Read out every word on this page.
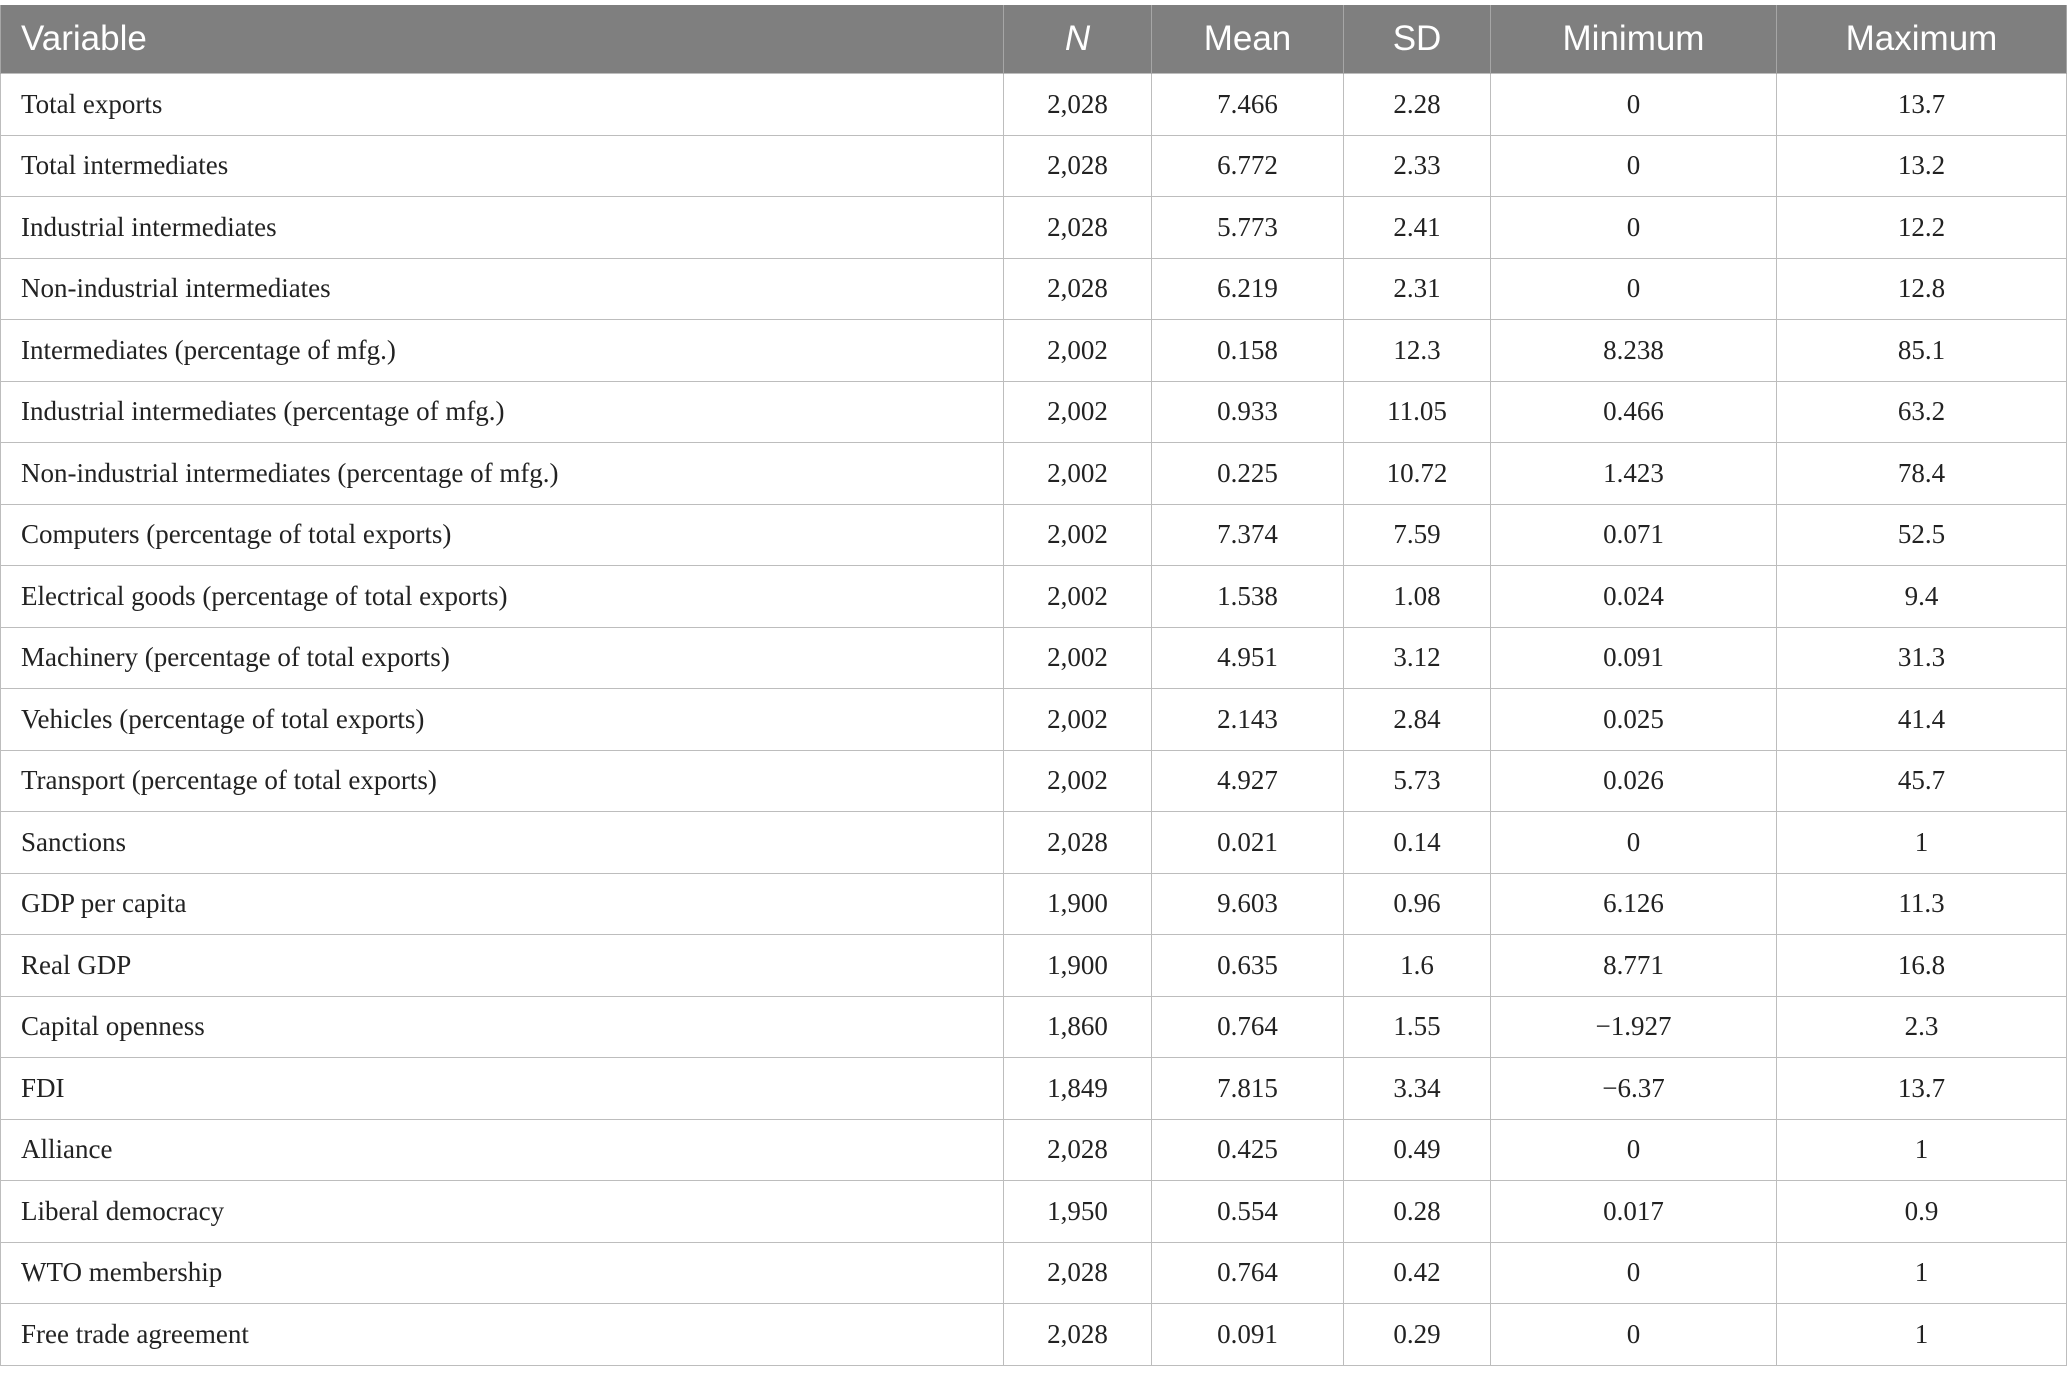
Variable	N	Mean	SD	Minimum	Maximum
Total exports	2,028	7.466	2.28	0	13.7
Total intermediates	2,028	6.772	2.33	0	13.2
Industrial intermediates	2,028	5.773	2.41	0	12.2
Non-industrial intermediates	2,028	6.219	2.31	0	12.8
Intermediates (percentage of mfg.)	2,002	0.158	12.3	8.238	85.1
Industrial intermediates (percentage of mfg.)	2,002	0.933	11.05	0.466	63.2
Non-industrial intermediates (percentage of mfg.)	2,002	0.225	10.72	1.423	78.4
Computers (percentage of total exports)	2,002	7.374	7.59	0.071	52.5
Electrical goods (percentage of total exports)	2,002	1.538	1.08	0.024	9.4
Machinery (percentage of total exports)	2,002	4.951	3.12	0.091	31.3
Vehicles (percentage of total exports)	2,002	2.143	2.84	0.025	41.4
Transport (percentage of total exports)	2,002	4.927	5.73	0.026	45.7
Sanctions	2,028	0.021	0.14	0	1
GDP per capita	1,900	9.603	0.96	6.126	11.3
Real GDP	1,900	0.635	1.6	8.771	16.8
Capital openness	1,860	0.764	1.55	−1.927	2.3
FDI	1,849	7.815	3.34	−6.37	13.7
Alliance	2,028	0.425	0.49	0	1
Liberal democracy	1,950	0.554	0.28	0.017	0.9
WTO membership	2,028	0.764	0.42	0	1
Free trade agreement	2,028	0.091	0.29	0	1
